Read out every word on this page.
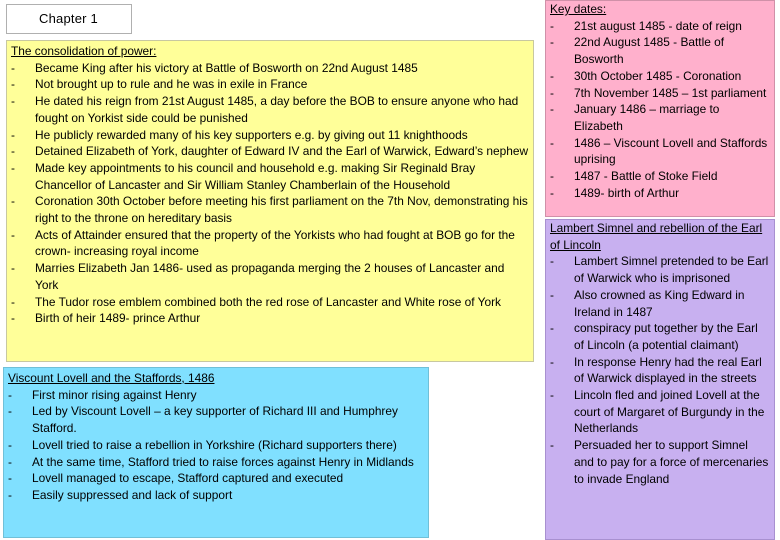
Chapter 1
The consolidation of power:
- Became King after his victory at Battle of Bosworth on 22nd August 1485
- Not brought up to rule and he was in exile in France
- He dated his reign from 21st August 1485, a day before the BOB to ensure anyone who had fought on Yorkist side could be punished
- He publicly rewarded many of his key supporters e.g. by giving out 11 knighthoods
- Detained Elizabeth of York, daughter of Edward IV and the Earl of Warwick, Edward’s nephew
- Made key appointments to his council and household e.g. making Sir Reginald Bray Chancellor of Lancaster and Sir William Stanley Chamberlain of the Household
- Coronation 30th October before meeting his first parliament on the 7th Nov, demonstrating his right to the throne on hereditary basis
- Acts of Attainder ensured that the property of the Yorkists who had fought at BOB go for the crown- increasing royal income
- Marries Elizabeth Jan 1486- used as propaganda merging the 2 houses of Lancaster and York
- The Tudor rose emblem combined both the red rose of Lancaster and White rose of York
- Birth of heir 1489- prince Arthur
Viscount Lovell and the Staffords, 1486
- First minor rising against Henry
- Led by Viscount Lovell – a key supporter of Richard III and Humphrey Stafford.
- Lovell tried to raise a rebellion in Yorkshire (Richard supporters there)
- At the same time, Stafford tried to raise forces against Henry in Midlands
- Lovell managed to escape, Stafford captured and executed
- Easily suppressed and lack of support
Key dates:
- 21st august 1485 - date of reign
- 22nd August 1485 - Battle of Bosworth
- 30th October 1485 - Coronation
- 7th November 1485 – 1st parliament
- January 1486 – marriage to Elizabeth
- 1486 – Viscount Lovell and Staffords uprising
- 1487 - Battle of Stoke Field
- 1489- birth of Arthur
Lambert Simnel and rebellion of the Earl of Lincoln
- Lambert Simnel pretended to be Earl of Warwick who is imprisoned
- Also crowned as King Edward in Ireland in 1487
- conspiracy put together by the Earl of Lincoln (a potential claimant)
- In response Henry had the real Earl of Warwick displayed in the streets
- Lincoln fled and joined Lovell at the court of Margaret of Burgundy in the Netherlands
- Persuaded her to support Simnel and to pay for a force of mercenaries to invade England
